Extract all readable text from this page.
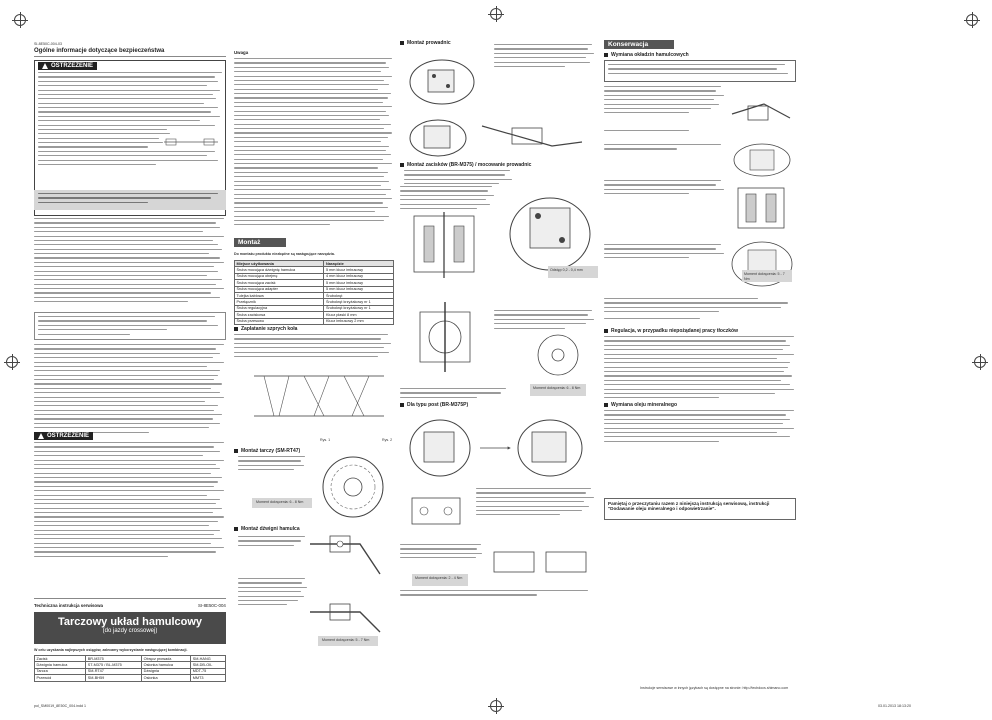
SI-8E50C-004-03
Ogólne informacje dotyczące bezpieczeństwa
OSTRZEŻENIE
OSTRZEŻENIE
Techniczna instrukcja serwisowa	SI-8E50C-004
Tarczowy układ hamulcowy
(do jazdy crossowej)
W celu uzyskania najlepszych osiągów, zalecamy wykorzystanie następującej kombinacji.
Zacisk	BR-M375	Obręcz prowadz.	SM-HANG
Dźwignia hamulca	ST-M375 / BL-M375	Osłonka hamulca	SM-DB-OIL
Tarcza	SM-RT47	Dźwignia	MDT-75
Przewód	SM-BH59	Osłonka	MMT3
Uwaga
Montaż
Do montażu produktu niezbędne są następujące narzędzia.
Miejsce użytkowania	Narzędzie
Śruba mocująca dźwignię hamulca	5 mm klucz imbusowy
Śruba mocująca obejmę	4 mm klucz imbusowy
Śruba mocująca zacisk	5 mm klucz imbusowy
Śruba mocująca adapter	5 mm klucz imbusowy
Tulejka kablowa	Śrubokręt
Przełącznik	Śrubokręt krzyżakowy nr 1
Śruba regulacyjna	Śrubokręt krzyżakowy nr 1
Śruba zaciskowa	Klucz płaski 8 mm
Śruba przesuwu	Klucz imbusowy 2 mm
Zaplatanie szprych koła
Rys. 1	Rys. 2
Montaż tarczy (SM-RT47)
Moment dokręcenia: 6 - 8 Nm
Montaż dźwigni hamulca
Moment dokręcenia: 5 - 7 Nm
Montaż prowadnic
Montaż zacisków (BR-M375) / mocowanie prowadnic
Odstęp 0,2 - 0,4 mm
Moment dokręcenia: 6 - 8 Nm
Dla typu post (BR-M375P)
Moment dokręcenia: 2 - 4 Nm
Konserwacja
Wymiana okładzin hamulcowych
Moment dokręcenia: 5 - 7 Nm
Regulacja, w przypadku niepożądanej pracy tłoczków
Wymiana oleju mineralnego
Pamiętaj o przeczytaniu razem z niniejszą instrukcją serwisową, instrukcji "Dodawanie oleju mineralnego i odpowietrzanie".
Instrukcje serwisowe w innych językach są dostępne na stronie: http://techdocs.shimano.com
pol_SM0019_8E50C_004.indd 1	03.01.2013 18:13:20
